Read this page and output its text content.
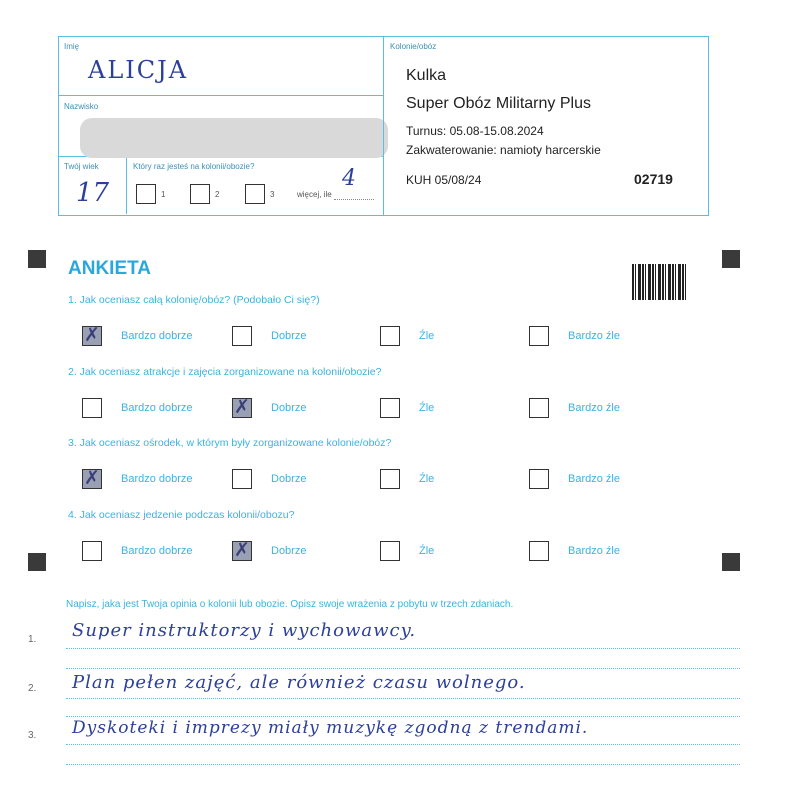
Imię
ALICJA
Nazwisko
Twój wiek
17
Który raz jesteś na kolonii/obozie?
1	2	3	więcej, ile
4
Kolonie/obóz
Kulka
Super Obóz Militarny Plus
Turnus: 05.08-15.08.2024
Zakwaterowanie: namioty harcerskie
KUH 05/08/24	02719
ANKIETA
1. Jak oceniasz całą kolonię/obóz? (Podobało Ci się?)
✗ Bardzo dobrze	Dobrze	Źle	Bardzo źle
2. Jak oceniasz atrakcje i zajęcia zorganizowane na kolonii/obozie?
Bardzo dobrze ✗ Dobrze	Źle	Bardzo źle
3. Jak oceniasz ośrodek, w którym były zorganizowane kolonie/obóz?
✗ Bardzo dobrze	Dobrze	Źle	Bardzo źle
4. Jak oceniasz jedzenie podczas kolonii/obozu?
Bardzo dobrze ✗ Dobrze	Źle	Bardzo źle
Napisz, jaka jest Twoja opinia o kolonii lub obozie. Opisz swoje wrażenia z pobytu w trzech zdaniach.
1. Super instruktorzy i wychowawcy.
2. Plan pełen zajęć, ale również czasu wolnego.
3. Dyskoteki i imprezy miały muzykę zgodną z trendami.
